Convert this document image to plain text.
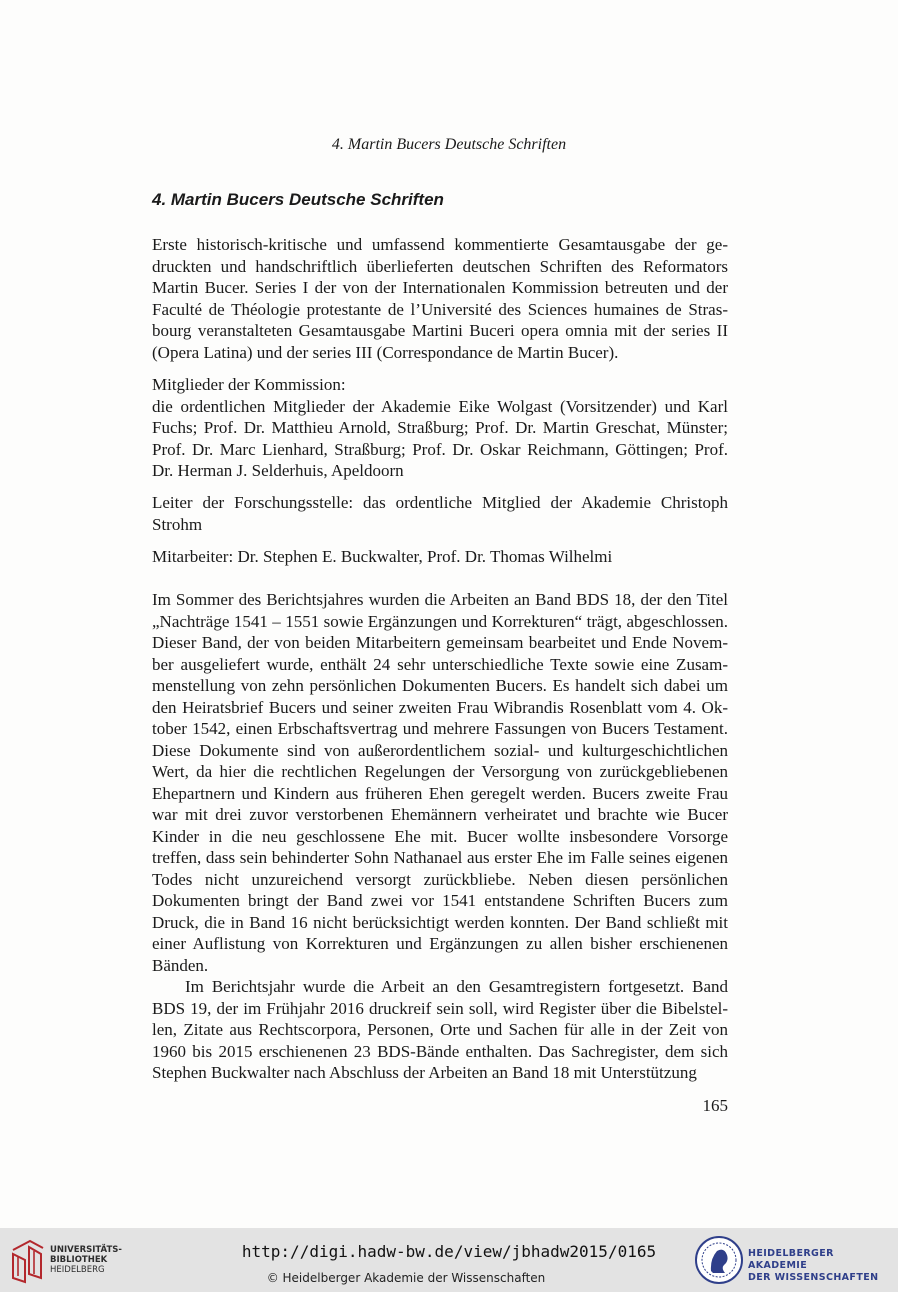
4. Martin Bucers Deutsche Schriften
4. Martin Bucers Deutsche Schriften

Erste historisch-kritische und umfassend kommentierte Gesamtausgabe der gedruckten und handschriftlich überlieferten deutschen Schriften des Reformators Martin Bucer. Series I der von der Internationalen Kommission betreuten und der Faculté de Théologie protestante de l’Université des Sciences humaines de Strasbourg veranstalteten Gesamtausgabe Martini Buceri opera omnia mit der series II (Opera Latina) und der series III (Correspondance de Martin Bucer).

Mitglieder der Kommission:

die ordentlichen Mitglieder der Akademie Eike Wolgast (Vorsitzender) und Karl Fuchs; Prof. Dr. Matthieu Arnold, Straßburg; Prof. Dr. Martin Greschat, Münster; Prof. Dr. Marc Lienhard, Straßburg; Prof. Dr. Oskar Reichmann, Göttingen; Prof. Dr. Herman J. Selderhuis, Apeldoorn

Leiter der Forschungsstelle: das ordentliche Mitglied der Akademie Christoph Strohm

Mitarbeiter: Dr. Stephen E. Buckwalter, Prof. Dr. Thomas Wilhelmi

Im Sommer des Berichtsjahres wurden die Arbeiten an Band BDS 18, der den Titel „Nachträge 1541 – 1551 sowie Ergänzungen und Korrekturen“ trägt, abgeschlossen. Dieser Band, der von beiden Mitarbeitern gemeinsam bearbeitet und Ende November ausgeliefert wurde, enthält 24 sehr unterschiedliche Texte sowie eine Zusammenstellung von zehn persönlichen Dokumenten Bucers. Es handelt sich dabei um den Heiratsbrief Bucers und seiner zweiten Frau Wibrandis Rosenblatt vom 4. Oktober 1542, einen Erbschaftsvertrag und mehrere Fassungen von Bucers Testament. Diese Dokumente sind von außerordentlichem sozial- und kulturgeschichtlichen Wert, da hier die rechtlichen Regelungen der Versorgung von zurückgebliebenen Ehepartnern und Kindern aus früheren Ehen geregelt werden. Bucers zweite Frau war mit drei zuvor verstorbenen Ehemännern verheiratet und brachte wie Bucer Kinder in die neu geschlossene Ehe mit. Bucer wollte insbesondere Vorsorge treffen, dass sein behinderter Sohn Nathanael aus erster Ehe im Falle seines eigenen Todes nicht unzureichend versorgt zurückbliebe. Neben diesen persönlichen Dokumenten bringt der Band zwei vor 1541 entstandene Schriften Bucers zum Druck, die in Band 16 nicht berücksichtigt werden konnten. Der Band schließt mit einer Auflistung von Korrekturen und Ergänzungen zu allen bisher erschienenen Bänden.

Im Berichtsjahr wurde die Arbeit an den Gesamtregistern fortgesetzt. Band BDS 19, der im Frühjahr 2016 druckreif sein soll, wird Register über die Bibelstellen, Zitate aus Rechtscorpora, Personen, Orte und Sachen für alle in der Zeit von 1960 bis 2015 erschienenen 23 BDS-Bände enthalten. Das Sachregister, dem sich Stephen Buckwalter nach Abschluss der Arbeiten an Band 18 mit Unterstützung

165
UNIVERSITÄTS-
BIBLIOTHEK
HEIDELBERG
http://digi.hadw-bw.de/view/jbhadw2015/0165
© Heidelberger Akademie der Wissenschaften
HEIDELBERGER AKADEMIE
DER WISSENSCHAFTEN
